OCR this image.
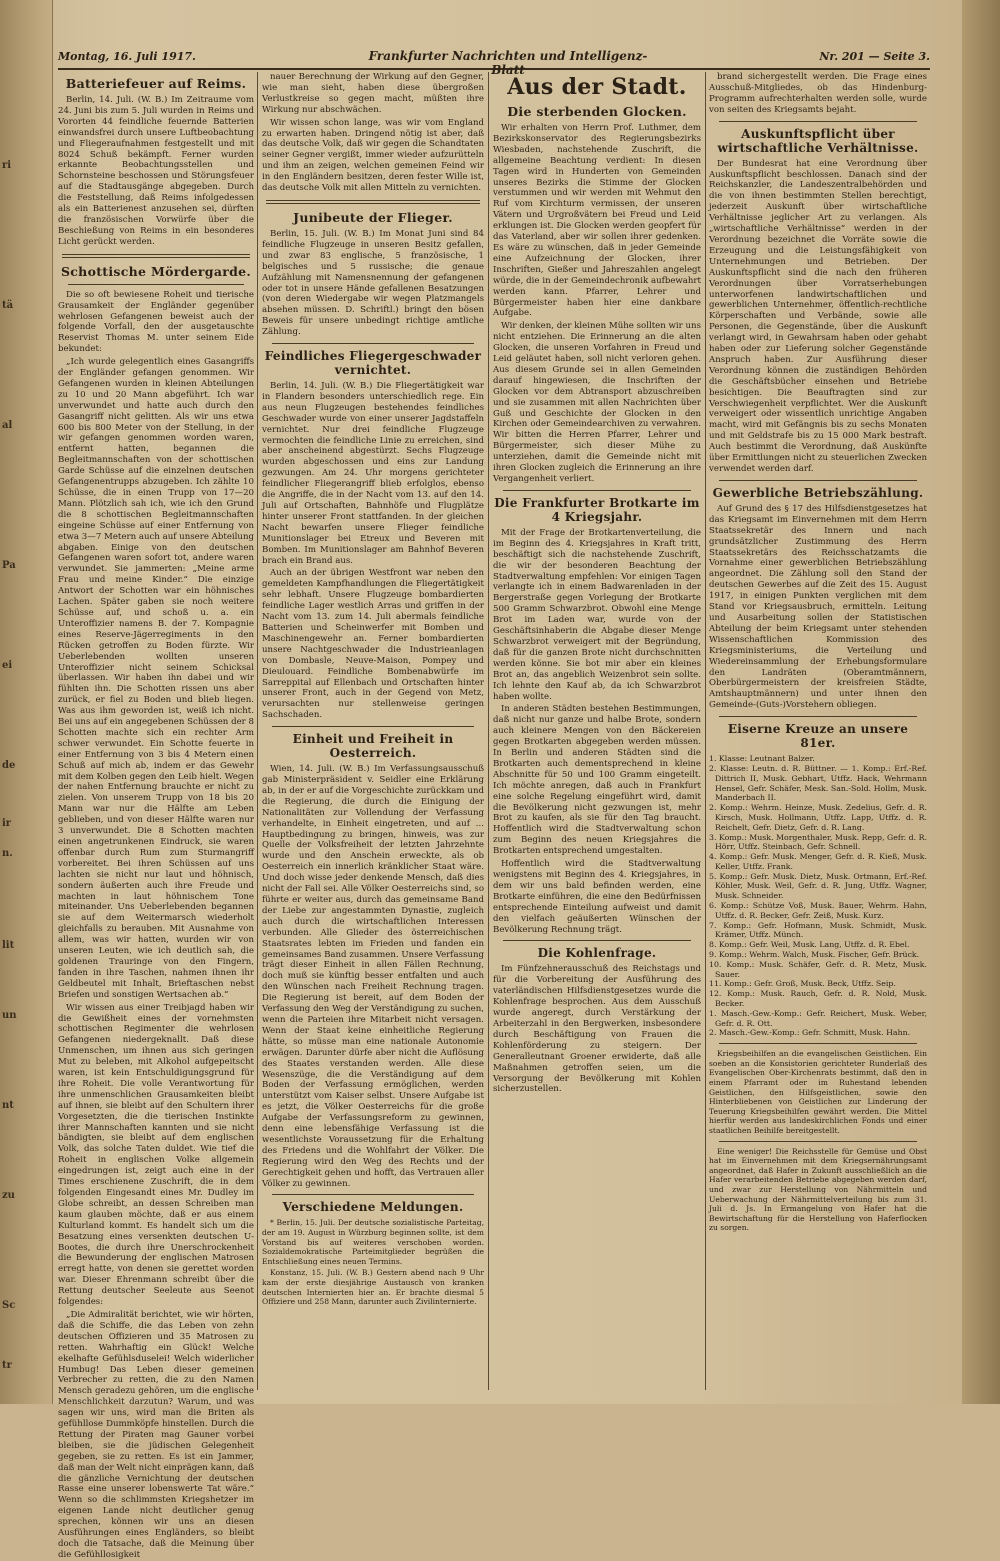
ri
tä
al
Pa
ei
de
ir
n.
lit
un
nt
zu
Sc
tr
Montag, 16. Juli 1917.	Frankfurter Nachrichten und Intelligenz-Blatt
Nr. 201 — Seite 3.
Batteriefeuer auf Reims.

Berlin, 14. Juli. (W. B.) Im Zeitraume vom 24. Juni bis zum 5. Juli wurden in Reims und Vororten 44 feindliche feuernde Batterien einwandsfrei durch unsere Luftbeobachtung und Fliegeraufnahmen festgestellt und mit 8024 Schuß bekämpft. Ferner wurden erkannte Beobachtungsstellen und Schornsteine beschossen und Störungsfeuer auf die Stadtausgänge abgegeben. Durch die Feststellung, daß Reims infolgedessen als ein Batterienest anzusehen sei, dürften die französischen Vorwürfe über die Beschießung von Reims in ein besonderes Licht gerückt werden.

Schottische Mördergarde.

Die so oft bewiesene Roheit und tierische Grausamkeit der Engländer gegenüber wehrlosen Gefangenen beweist auch der folgende Vorfall, den der ausgetauschte Reservist Thomas M. unter seinem Eide bekundet:

„Ich wurde gelegentlich eines Gasangriffs der Engländer gefangen genommen. Wir Gefangenen wurden in kleinen Abteilungen zu 10 und 20 Mann abgeführt. Ich war unverwundet und hatte auch durch den Gasangriff nicht gelitten. Als wir uns etwa 600 bis 800 Meter von der Stellung, in der wir gefangen genommen worden waren, entfernt hatten, begannen die Begleitmannschaften von der schottischen Garde Schüsse auf die einzelnen deutschen Gefangenentrupps abzugeben. Ich zählte 10 Schüsse, die in einen Trupp von 17—20 Mann. Plötzlich sah ich, wie ich den Grund die 8 schottischen Begleitmannschaften eingeine Schüsse auf einer Entfernung von etwa 3—7 Metern auch auf unsere Abteilung abgaben. Einige von den deutschen Gefangenen waren sofort tot, andere waren verwundet. Sie jammerten: „Meine arme Frau und meine Kinder.“ Die einzige Antwort der Schotten war ein höhnisches Lachen. Später gaben sie noch weitere Schüsse auf, und schoß u. a. ein Unteroffizier namens B. der 7. Kompagnie eines Reserve-Jägerregiments in den Rücken getroffen zu Boden fürzte. Wir Ueberlebenden wollten unseren Unteroffizier nicht seinem Schicksal überlassen. Wir haben ihn dabei und wir fühlten ihn. Die Schotten rissen uns aber zurück, er fiel zu Boden und blieb liegen. Was aus ihm geworden ist, weiß ich nicht. Bei uns auf ein angegebenen Schüssen der 8 Schotten machte sich ein rechter Arm schwer verwundet. Ein Schotte feuerte in einer Entfernung von 3 bis 4 Metern einen Schuß auf mich ab, indem er das Gewehr mit dem Kolben gegen den Leib hielt. Wegen der nahen Entfernung brauchte er nicht zu zielen. Von unserem Trupp von 18 bis 20 Mann war nur die Hälfte am Leben geblieben, und von dieser Hälfte waren nur 3 unverwundet. Die 8 Schotten machten einen angetrunkenen Eindruck, sie waren offenbar durch Rum zum Sturmangriff vorbereitet. Bei ihren Schüssen auf uns lachten sie nicht nur laut und höhnisch, sondern äußerten auch ihre Freude und machten in laut höhnischem Tone miteinander. Uns Ueberlebenden begannen sie auf dem Weitermarsch wiederholt gleichfalls zu berauben. Mit Ausnahme von allem, was wir hatten, wurden wir von unseren Leuten, wie ich deutlich sah, die goldenen Trauringe von den Fingern, fanden in ihre Taschen, nahmen ihnen ihr Geldbeutel mit Inhalt, Brieftaschen nebst Briefen und sonstigen Wertsachen ab.“

Wir wissen aus einer Treibjagd haben wir die Gewißheit eines der vornehmsten schottischen Regimenter die wehrlosen Gefangenen niedergeknallt. Daß diese Unmenschen, um ihnen aus sich geringen Mut zu beleben, mit Alkohol aufgepeitscht waren, ist kein Entschuldigungsgrund für ihre Roheit. Die volle Verantwortung für ihre unmenschlichen Grausamkeiten bleibt auf ihnen, sie bleibt auf den Schultern ihrer Vorgesetzten, die die tierischen Instinkte ihrer Mannschaften kannten und sie nicht bändigten, sie bleibt auf dem englischen Volk, das solche Taten duldet. Wie tief die Roheit in englischen Volke allgemein eingedrungen ist, zeigt auch eine in der Times erschienene Zuschrift, die in dem folgenden Eingesandt eines Mr. Dudley im Globe schreibt, an dessen Schreiben man kaum glauben möchte, daß er aus einem Kulturland kommt. Es handelt sich um die Besatzung eines versenkten deutschen U-Bootes, die durch ihre Unerschrockenheit die Bewunderung der englischen Matrosen erregt hatte, von denen sie gerettet worden war. Dieser Ehrenmann schreibt über die Rettung deutscher Seeleute aus Seenot folgendes:

„Die Admiralität berichtet, wie wir hörten, daß die Schiffe, die das Leben von zehn deutschen Offizieren und 35 Matrosen zu retten. Wahrhaftig ein Glück! Welche ekelhafte Gefühlsduselei! Welch widerlicher Humbug! Das Leben dieser gemeinen Verbrecher zu retten, die zu den Namen Mensch geradezu gehören, um die englische Menschlichkeit darzutun? Warum, und was sagen wir uns, wird man die Briten als gefühllose Dummköpfe hinstellen. Durch die Rettung der Piraten mag Gauner vorbei bleiben, sie die jüdischen Gelegenheit gegeben, sie zu retten. Es ist ein Jammer, daß man der Welt nicht einprägen kann, daß die gänzliche Vernichtung der deutschen Rasse eine unserer lobenswerte Tat wäre.“ Wenn so die schlimmsten Kriegshetzer im eigenen Lande nicht deutlicher genug sprechen, können wir uns an diesen Ausführungen eines Engländers, so bleibt doch die Tatsache, daß die Meinung über die Gefühllosigkeit

nauer Berechnung der Wirkung auf den Gegner, wie man sieht, haben diese übergroßen Verlustkreise so gegen macht, müßten ihre Wirkung nur abschwächen.

Wir wissen schon lange, was wir vom England zu erwarten haben. Dringend nötig ist aber, daß das deutsche Volk, daß wir gegen die Schandtaten seiner Gegner vergißt, immer wieder aufzurütteln und ihm an zeigen, welchen gemeinen Feind wir in den Engländern besitzen, deren fester Wille ist, das deutsche Volk mit allen Mitteln zu vernichten.

Junibeute der Flieger.

Berlin, 15. Juli. (W. B.) Im Monat Juni sind 84 feindliche Flugzeuge in unseren Besitz gefallen, und zwar 83 englische, 5 französische, 1 belgisches und 5 russische; die genaue Aufzählung mit Namensnennung der gefangenen oder tot in unsere Hände gefallenen Besatzungen (von deren Wiedergabe wir wegen Platzmangels absehen müssen. D. Schriftl.) bringt den bösen Beweis für unsere unbedingt richtige amtliche Zählung.

Feindliches Fliegergeschwader vernichtet.

Berlin, 14. Juli. (W. B.) Die Fliegertätigkeit war in Flandern besonders unterschiedlich rege. Ein aus neun Flugzeugen bestehendes feindliches Geschwader wurde von einer unserer Jagdstaffeln vernichtet. Nur drei feindliche Flugzeuge vermochten die feindliche Linie zu erreichen, sind aber anscheinend abgestürzt. Sechs Flugzeuge wurden abgeschossen und eins zur Landung gezwungen. Am 24. Uhr morgens gerichteter feindlicher Fliegerangriff blieb erfolglos, ebenso die Angriffe, die in der Nacht vom 13. auf den 14. Juli auf Ortschaften, Bahnhöfe und Flugplätze hinter unserer Front stattfanden. In der gleichen Nacht bewarfen unsere Flieger feindliche Munitionslager bei Etreux und Beveren mit Bomben. Im Munitionslager am Bahnhof Beveren brach ein Brand aus.

Auch an der übrigen Westfront war neben den gemeldeten Kampfhandlungen die Fliegertätigkeit sehr lebhaft. Unsere Flugzeuge bombardierten feindliche Lager westlich Arras und griffen in der Nacht vom 13. zum 14. Juli abermals feindliche Batterien und Scheinwerfer mit Bomben und Maschinengewehr an. Ferner bombardierten unsere Nachtgeschwader die Industrieanlagen von Dombasle, Neuve-Maison, Pompey und Dieulouard. Feindliche Bombenabwürfe im Sarreppital auf Ellenbach und Ortschaften hinter unserer Front, auch in der Gegend von Metz, verursachten nur stellenweise geringen Sachschaden.

Einheit und Freiheit in Oesterreich.

Wien, 14. Juli. (W. B.) Im Verfassungsausschuß gab Ministerpräsident v. Seidler eine Erklärung ab, in der er auf die Vorgeschichte zurückkam und die Regierung, die durch die Einigung der Nationalitäten zur Vollendung der Verfassung verhandelte, in Einheit eingetreten, und auf ... Hauptbedingung zu bringen, hinweis, was zur Quelle der Volksfreiheit der letzten Jahrzehnte wurde und den Anschein erweckte, als ob Oesterreich ein innerlich kränklicher Staat wäre. Und doch wisse jeder denkende Mensch, daß dies nicht der Fall sei. Alle Völker Oesterreichs sind, so führte er weiter aus, durch das gemeinsame Band der Liebe zur angestammten Dynastie, zugleich auch durch die wirtschaftlichen Interessen verbunden. Alle Glieder des österreichischen Staatsrates lebten im Frieden und fanden ein gemeinsames Band zusammen. Unsere Verfassung trägt dieser Einheit in allen Fällen Rechnung, doch muß sie künftig besser entfalten und auch den Wünschen nach Freiheit Rechnung tragen. Die Regierung ist bereit, auf dem Boden der Verfassung den Weg der Verständigung zu suchen, wenn die Parteien ihre Mitarbeit nicht versagen. Wenn der Staat keine einheitliche Regierung hätte, so müsse man eine nationale Autonomie erwägen. Darunter dürfe aber nicht die Auflösung des Staates verstanden werden. Alle diese Wesenszüge, die die Verständigung auf dem Boden der Verfassung ermöglichen, werden unterstützt vom Kaiser selbst. Unsere Aufgabe ist es jetzt, die Völker Oesterreichs für die große Aufgabe der Verfassungsreform zu gewinnen, denn eine lebensfähige Verfassung ist die wesentlichste Voraussetzung für die Erhaltung des Friedens und die Wohlfahrt der Völker. Die Regierung wird den Weg des Rechts und der Gerechtigkeit gehen und hofft, das Vertrauen aller Völker zu gewinnen.

Verschiedene Meldungen.

* Berlin, 15. Juli. Der deutsche sozialistische Parteitag, der am 19. August in Würzburg beginnen sollte, ist dem Vorstand bis auf weiteres verschoben worden. Sozialdemokratische Parteimitglieder begrüßen die Entschließung eines neuen Termins.

Konstanz, 15. Juli. (W. B.) Gestern abend nach 9 Uhr kam der erste diesjährige Austausch von kranken deutschen Internierten hier an. Er brachte diesmal 5 Offiziere und 258 Mann, darunter auch Zivilinternierte.

Aus der Stadt.
Die sterbenden Glocken.

Wir erhalten von Herrn Prof. Luthmer, dem Bezirkskonservator des Regierungsbezirks Wiesbaden, nachstehende Zuschrift, die allgemeine Beachtung verdient: In diesen Tagen wird in Hunderten von Gemeinden unseres Bezirks die Stimme der Glocken verstummen und wir werden mit Wehmut den Ruf vom Kirchturm vermissen, der unseren Vätern und Urgroßvätern bei Freud und Leid erklungen ist. Die Glocken werden geopfert für das Vaterland, aber wir sollen ihrer gedenken. Es wäre zu wünschen, daß in jeder Gemeinde eine Aufzeichnung der Glocken, ihrer Inschriften, Gießer und Jahreszahlen angelegt würde, die in der Gemeindechronik aufbewahrt werden kann. Pfarrer, Lehrer und Bürgermeister haben hier eine dankbare Aufgabe.

Wir denken, der kleinen Mühe sollten wir uns nicht entziehen. Die Erinnerung an die alten Glocken, die unseren Vorfahren in Freud und Leid geläutet haben, soll nicht verloren gehen. Aus diesem Grunde sei in allen Gemeinden darauf hingewiesen, die Inschriften der Glocken vor dem Abtransport abzuschreiben und sie zusammen mit allen Nachrichten über Guß und Geschichte der Glocken in den Kirchen oder Gemeindearchiven zu verwahren. Wir bitten die Herren Pfarrer, Lehrer und Bürgermeister, sich dieser Mühe zu unterziehen, damit die Gemeinde nicht mit ihren Glocken zugleich die Erinnerung an ihre Vergangenheit verliert.

Die Frankfurter Brotkarte im 4 Kriegsjahr.

Mit der Frage der Brotkartenverteilung, die im Beginn des 4. Kriegsjahres in Kraft tritt, beschäftigt sich die nachstehende Zuschrift, die wir der besonderen Beachtung der Stadtverwaltung empfehlen: Vor einigen Tagen verlangte ich in einem Badwarenladen in der Bergerstraße gegen Vorlegung der Brotkarte 500 Gramm Schwarzbrot. Obwohl eine Menge Brot im Laden war, wurde von der Geschäftsinhaberin die Abgabe dieser Menge Schwarzbrot verweigert mit der Begründung, daß für die ganzen Brote nicht durchschnitten werden könne. Sie bot mir aber ein kleines Brot an, das angeblich Weizenbrot sein sollte. Ich lehnte den Kauf ab, da ich Schwarzbrot haben wollte.

In anderen Städten bestehen Bestimmungen, daß nicht nur ganze und halbe Brote, sondern auch kleinere Mengen von den Bäckereien gegen Brotkarten abgegeben werden müssen. In Berlin und anderen Städten sind die Brotkarten auch dementsprechend in kleine Abschnitte für 50 und 100 Gramm eingeteilt. Ich möchte anregen, daß auch in Frankfurt eine solche Regelung eingeführt wird, damit die Bevölkerung nicht gezwungen ist, mehr Brot zu kaufen, als sie für den Tag braucht. Hoffentlich wird die Stadtverwaltung schon zum Beginn des neuen Kriegsjahres die Brotkarten entsprechend umgestalten.

Hoffentlich wird die Stadtverwaltung wenigstens mit Beginn des 4. Kriegsjahres, in dem wir uns bald befinden werden, eine Brotkarte einführen, die eine den Bedürfnissen entsprechende Einteilung aufweist und damit den vielfach geäußerten Wünschen der Bevölkerung Rechnung trägt.

Die Kohlenfrage.

Im Fünfzehnerausschuß des Reichstags und für die Vorbereitung der Ausführung des vaterländischen Hilfsdienstgesetzes wurde die Kohlenfrage besprochen. Aus dem Ausschuß wurde angeregt, durch Verstärkung der Arbeiterzahl in den Bergwerken, insbesondere durch Beschäftigung von Frauen die Kohlenförderung zu steigern. Der Generalleutnant Groener erwiderte, daß alle Maßnahmen getroffen seien, um die Versorgung der Bevölkerung mit Kohlen sicherzustellen.

brand sichergestellt werden. Die Frage eines Ausschuß-Mitgliedes, ob das Hindenburg-Programm aufrechterhalten werden solle, wurde von seiten des Kriegsamts bejaht.

Auskunftspflicht über wirtschaftliche Verhältnisse.

Der Bundesrat hat eine Verordnung über Auskunftspflicht beschlossen. Danach sind der Reichskanzler, die Landeszentralbehörden und die von ihnen bestimmten Stellen berechtigt, jederzeit Auskunft über wirtschaftliche Verhältnisse jeglicher Art zu verlangen. Als „wirtschaftliche Verhältnisse“ werden in der Verordnung bezeichnet die Vorräte sowie die Erzeugung und die Leistungsfähigkeit von Unternehmungen und Betrieben. Der Auskunftspflicht sind die nach den früheren Verordnungen über Vorratserhebungen unterworfenen landwirtschaftlichen und gewerblichen Unternehmer, öffentlich-rechtliche Körperschaften und Verbände, sowie alle Personen, die Gegenstände, über die Auskunft verlangt wird, in Gewahrsam haben oder gehabt haben oder zur Lieferung solcher Gegenstände Anspruch haben. Zur Ausführung dieser Verordnung können die zuständigen Behörden die Geschäftsbücher einsehen und Betriebe besichtigen. Die Beauftragten sind zur Verschwiegenheit verpflichtet. Wer die Auskunft verweigert oder wissentlich unrichtige Angaben macht, wird mit Gefängnis bis zu sechs Monaten und mit Geldstrafe bis zu 15 000 Mark bestraft. Auch bestimmt die Verordnung, daß Auskünfte über Ermittlungen nicht zu steuerlichen Zwecken verwendet werden darf.

Gewerbliche Betriebszählung.

Auf Grund des § 17 des Hilfsdienstgesetzes hat das Kriegsamt im Einvernehmen mit dem Herrn Staatssekretär des Innern und nach grundsätzlicher Zustimmung des Herrn Staatssekretärs des Reichsschatzamts die Vornahme einer gewerblichen Betriebszählung angeordnet. Die Zählung soll den Stand der deutschen Gewerbes auf die Zeit des 15. August 1917, in einigen Punkten verglichen mit dem Stand vor Kriegsausbruch, ermitteln. Leitung und Ausarbeitung sollen der Statistischen Abteilung der beim Kriegsamt unter stehenden Wissenschaftlichen Kommission des Kriegsministeriums, die Verteilung und Wiedereinsammlung der Erhebungsformulare den Landräten (Oberamtmännern, Oberbürgermeistern der kreisfreien Städte, Amtshauptmännern) und unter ihnen den Gemeinde-(Guts-)Vorstehern obliegen.

Eiserne Kreuze an unsere 81er.
1. Klasse: Leutnant Balzer.
2. Klasse: Leutn. d. R. Büttner. — 1. Komp.: Erf.-Ref. Dittrich II, Musk. Gebhart, Utffz. Hack, Wehrmann Hensel, Gefr. Schäfer, Mesk. San.-Sold. Hollm, Musk. Manderbach II.
2. Komp.: Wehrm. Heinze, Musk. Zedelius, Gefr. d. R. Kirsch, Musk. Hollmann, Utffz. Lapp, Utffz. d. R. Reichelt, Gefr. Dietz, Gefr. d. R. Lang.
3. Komp.: Musk. Morgenthaler, Musk. Repp, Gefr. d. R. Hörr, Utffz. Steinbach, Gefr. Schnell.
4. Komp.: Gefr. Musk. Menger, Gefr. d. R. Kieß, Musk. Keller, Utffz. Frank.
5. Komp.: Gefr. Musk. Dietz, Musk. Ortmann, Erf.-Ref. Köhler, Musk. Weil, Gefr. d. R. Jung, Utffz. Wagner, Musk. Schneider.
6. Komp.: Schütze Voß, Musk. Bauer, Wehrm. Hahn, Utffz. d. R. Becker, Gefr. Zeiß, Musk. Kurz.
7. Komp.: Gefr. Hofmann, Musk. Schmidt, Musk. Krämer, Utffz. Münch.
8. Komp.: Gefr. Weil, Musk. Lang, Utffz. d. R. Ebel.
9. Komp.: Wehrm. Walch, Musk. Fischer, Gefr. Brück.
10. Komp.: Musk. Schäfer, Gefr. d. R. Metz, Musk. Sauer.
11. Komp.: Gefr. Groß, Musk. Beck, Utffz. Seip.
12. Komp.: Musk. Rauch, Gefr. d. R. Nold, Musk. Becker.
1. Masch.-Gew.-Komp.: Gefr. Reichert, Musk. Weber, Gefr. d. R. Ott.
2. Masch.-Gew.-Komp.: Gefr. Schmitt, Musk. Hahn.

Kriegsbeihilfen an die evangelischen Geistlichen. Ein soeben an die Konsistorien gerichteter Runderlaß des Evangelischen Ober-Kirchenrats bestimmt, daß den in einem Pfarramt oder im Ruhestand lebenden Geistlichen, den Hilfsgeistlichen, sowie den Hinterbliebenen von Geistlichen zur Linderung der Teuerung Kriegsbeihilfen gewährt werden. Die Mittel hierfür werden aus landeskirchlichen Fonds und einer staatlichen Beihilfe bereitgestellt.

Eine weniger! Die Reichsstelle für Gemüse und Obst hat im Einvernehmen mit dem Kriegsernährungsamt angeordnet, daß Hafer in Zukunft ausschließlich an die Hafer verarbeitenden Betriebe abgegeben werden darf, und zwar zur Herstellung von Nährmitteln und Ueberwachung der Nährmittelverteilung bis zum 31. Juli d. Js. In Ermangelung von Hafer hat die Bewirtschaftung für die Herstellung von Haferflocken zu sorgen.
